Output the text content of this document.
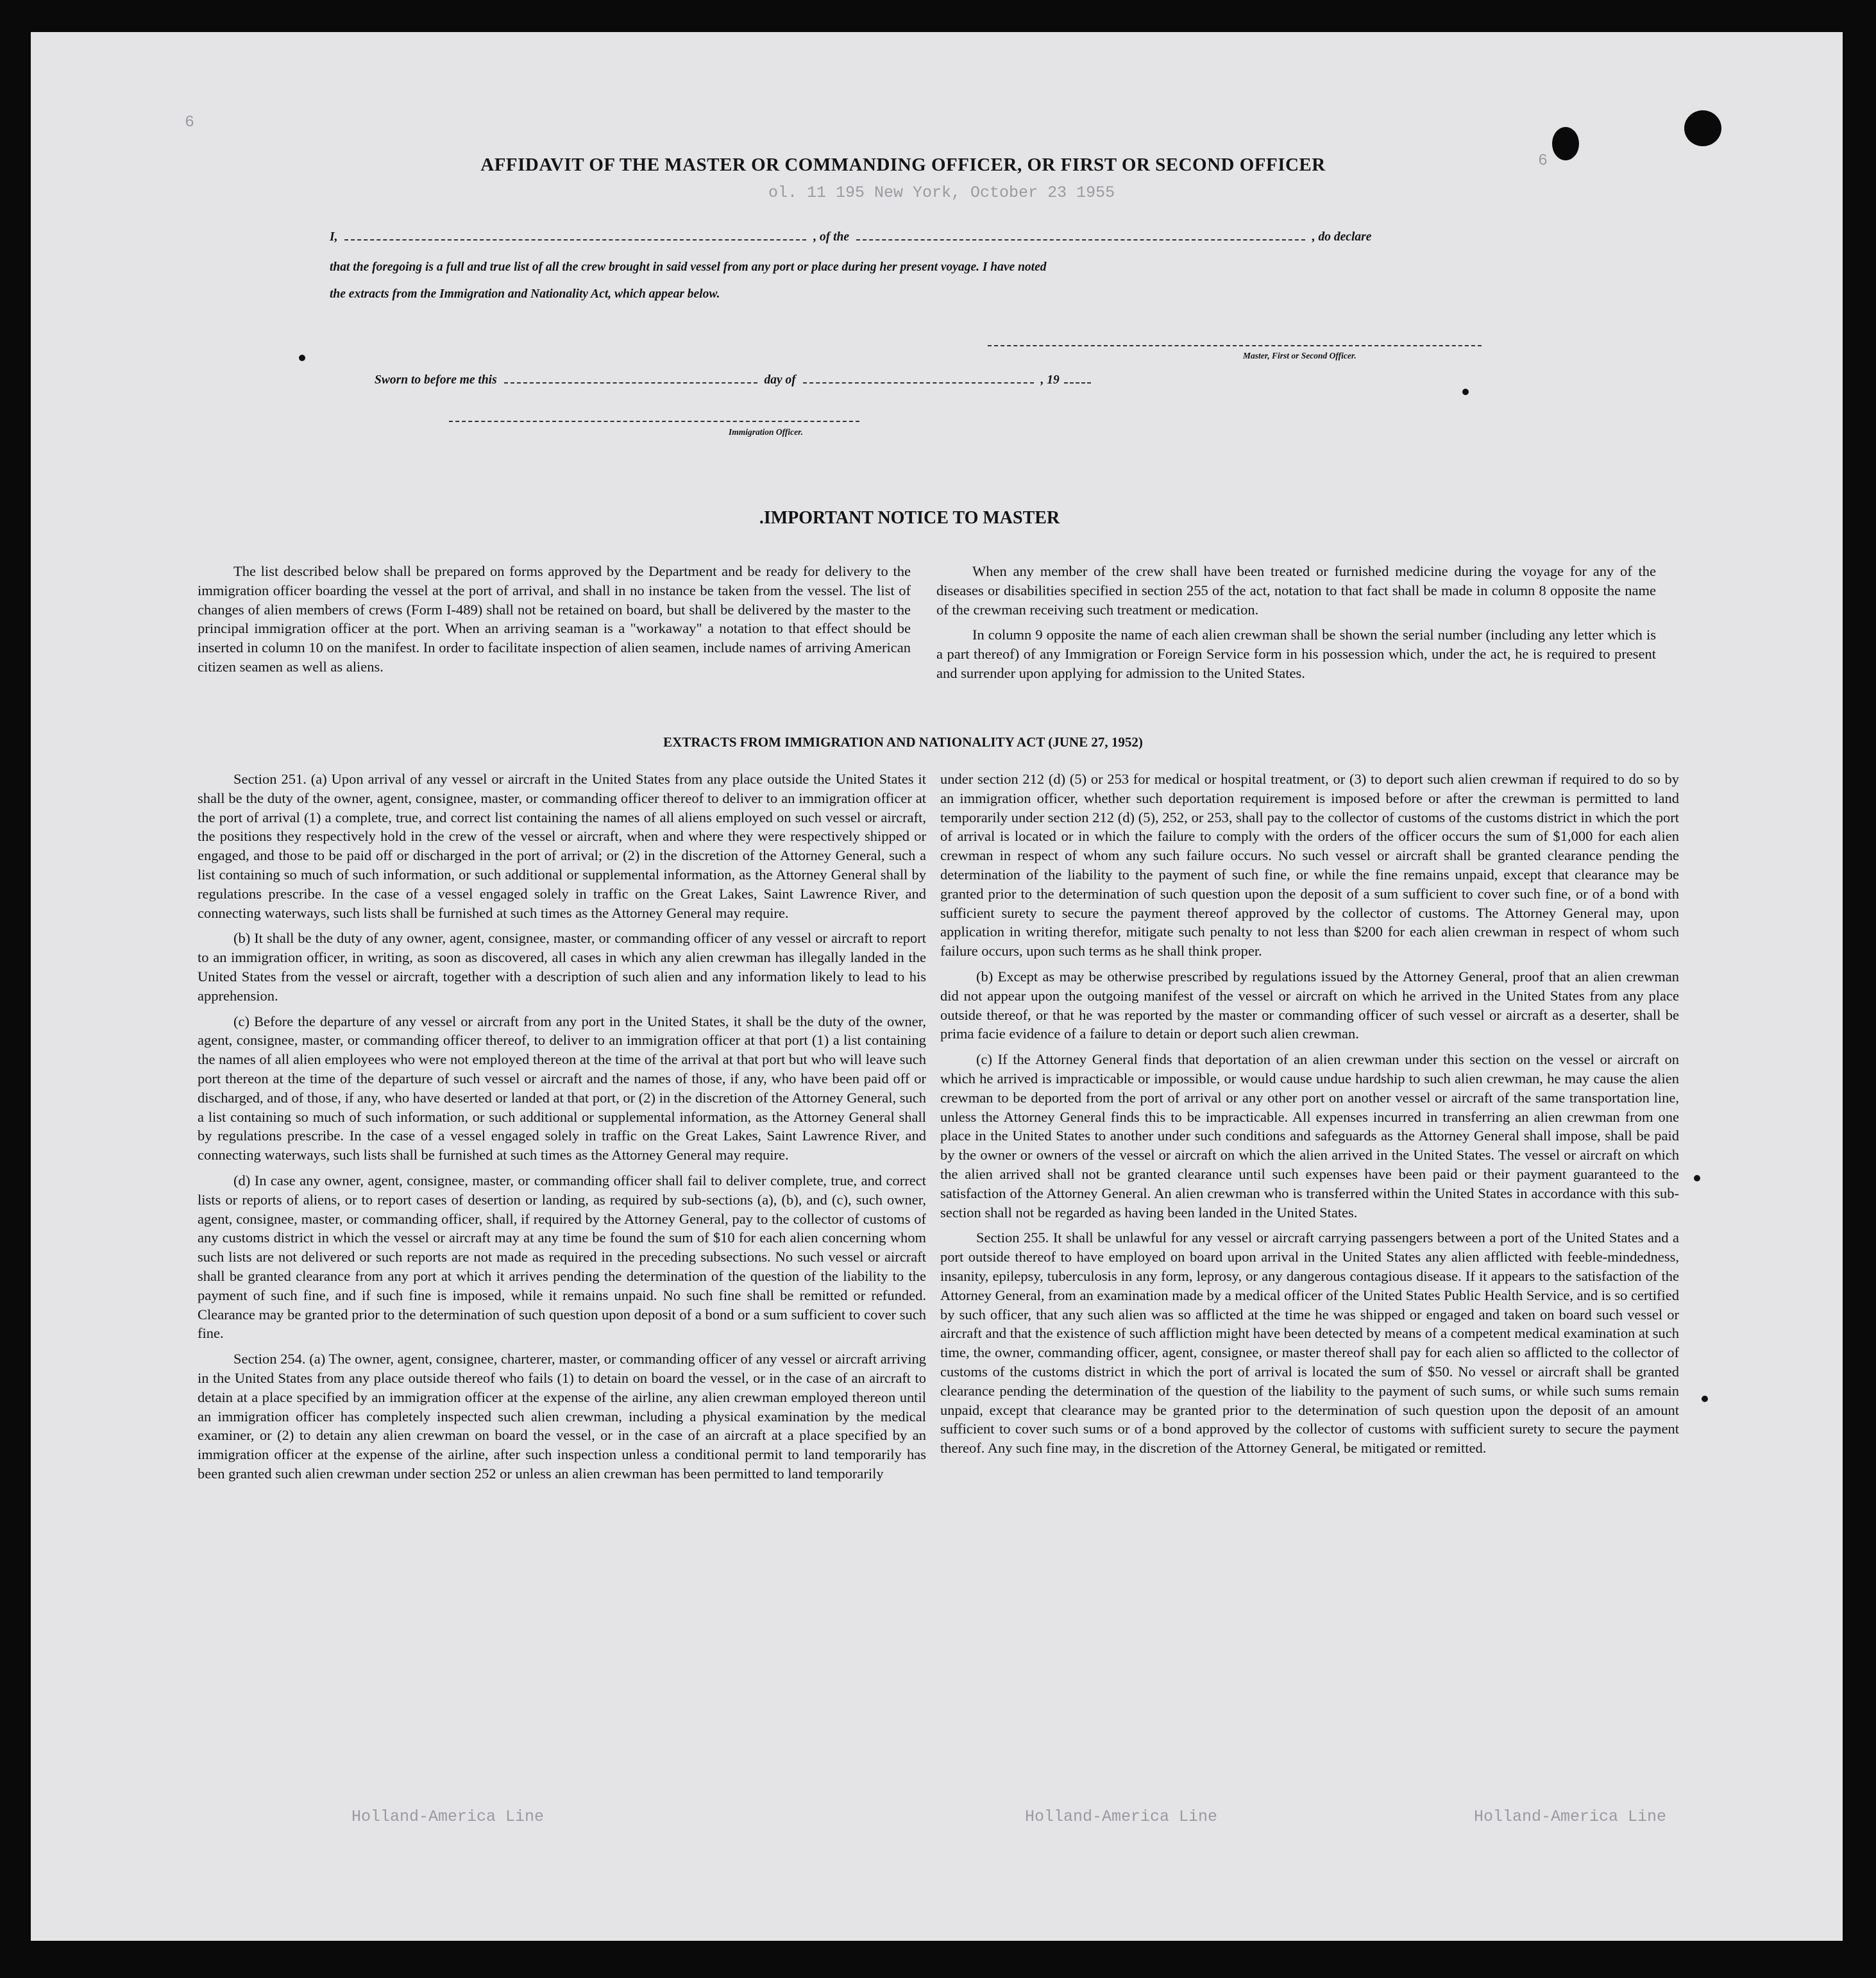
ol. 11 195 New York, October 23 1955
6
6
Holland-America Line	Holland-America Line	Holland-America Line
AFFIDAVIT OF THE MASTER OR COMMANDING OFFICER, OR FIRST OR SECOND OFFICER
I,	, of the	, do declare
that the foregoing is a full and true list of all the crew brought in said vessel from any port or place during her present voyage. I have noted
the extracts from the Immigration and Nationality Act, which appear below.
Master, First or Second Officer.
Sworn to before me this	day of	, 19
Immigration Officer.
.IMPORTANT NOTICE TO MASTER

The list described below shall be prepared on forms approved by the Department and be ready for delivery to the immigration officer boarding the vessel at the port of arrival, and shall in no instance be taken from the vessel. The list of changes of alien members of crews (Form I-489) shall not be retained on board, but shall be delivered by the master to the principal immigration officer at the port. When an arriving seaman is a "workaway" a notation to that effect should be inserted in column 10 on the manifest. In order to facilitate inspection of alien seamen, include names of arriving American citizen seamen as well as aliens.

When any member of the crew shall have been treated or furnished medicine during the voyage for any of the diseases or disabilities specified in section 255 of the act, notation to that fact shall be made in column 8 opposite the name of the crewman receiving such treatment or medication.

In column 9 opposite the name of each alien crewman shall be shown the serial number (including any letter which is a part thereof) of any Immigration or Foreign Service form in his possession which, under the act, he is required to present and surrender upon applying for admission to the United States.

EXTRACTS FROM IMMIGRATION AND NATIONALITY ACT (JUNE 27, 1952)

Section 251. (a) Upon arrival of any vessel or aircraft in the United States from any place outside the United States it shall be the duty of the owner, agent, consignee, master, or commanding officer thereof to deliver to an immigration officer at the port of arrival (1) a complete, true, and correct list containing the names of all aliens employed on such vessel or aircraft, the positions they respectively hold in the crew of the vessel or aircraft, when and where they were respectively shipped or engaged, and those to be paid off or discharged in the port of arrival; or (2) in the discretion of the Attorney General, such a list containing so much of such information, or such additional or supplemental information, as the Attorney General shall by regulations prescribe. In the case of a vessel engaged solely in traffic on the Great Lakes, Saint Lawrence River, and connecting waterways, such lists shall be furnished at such times as the Attorney General may require.

(b) It shall be the duty of any owner, agent, consignee, master, or commanding officer of any vessel or aircraft to report to an immigration officer, in writing, as soon as discovered, all cases in which any alien crewman has illegally landed in the United States from the vessel or aircraft, together with a description of such alien and any information likely to lead to his apprehension.

(c) Before the departure of any vessel or aircraft from any port in the United States, it shall be the duty of the owner, agent, consignee, master, or commanding officer thereof, to deliver to an immigration officer at that port (1) a list containing the names of all alien employees who were not employed thereon at the time of the arrival at that port but who will leave such port thereon at the time of the departure of such vessel or aircraft and the names of those, if any, who have been paid off or discharged, and of those, if any, who have deserted or landed at that port, or (2) in the discretion of the Attorney General, such a list containing so much of such information, or such additional or supplemental information, as the Attorney General shall by regulations prescribe. In the case of a vessel engaged solely in traffic on the Great Lakes, Saint Lawrence River, and connecting waterways, such lists shall be furnished at such times as the Attorney General may require.

(d) In case any owner, agent, consignee, master, or commanding officer shall fail to deliver complete, true, and correct lists or reports of aliens, or to report cases of desertion or landing, as required by sub-sections (a), (b), and (c), such owner, agent, consignee, master, or commanding officer, shall, if required by the Attorney General, pay to the collector of customs of any customs district in which the vessel or aircraft may at any time be found the sum of $10 for each alien concerning whom such lists are not delivered or such reports are not made as required in the preceding subsections. No such vessel or aircraft shall be granted clearance from any port at which it arrives pending the determination of the question of the liability to the payment of such fine, and if such fine is imposed, while it remains unpaid. No such fine shall be remitted or refunded. Clearance may be granted prior to the determination of such question upon deposit of a bond or a sum sufficient to cover such fine.

Section 254. (a) The owner, agent, consignee, charterer, master, or commanding officer of any vessel or aircraft arriving in the United States from any place outside thereof who fails (1) to detain on board the vessel, or in the case of an aircraft to detain at a place specified by an immigration officer at the expense of the airline, any alien crewman employed thereon until an immigration officer has completely inspected such alien crewman, including a physical examination by the medical examiner, or (2) to detain any alien crewman on board the vessel, or in the case of an aircraft at a place specified by an immigration officer at the expense of the airline, after such inspection unless a conditional permit to land temporarily has been granted such alien crewman under section 252 or unless an alien crewman has been permitted to land temporarily

under section 212 (d) (5) or 253 for medical or hospital treatment, or (3) to deport such alien crewman if required to do so by an immigration officer, whether such deportation requirement is imposed before or after the crewman is permitted to land temporarily under section 212 (d) (5), 252, or 253, shall pay to the collector of customs of the customs district in which the port of arrival is located or in which the failure to comply with the orders of the officer occurs the sum of $1,000 for each alien crewman in respect of whom any such failure occurs. No such vessel or aircraft shall be granted clearance pending the determination of the liability to the payment of such fine, or while the fine remains unpaid, except that clearance may be granted prior to the determination of such question upon the deposit of a sum sufficient to cover such fine, or of a bond with sufficient surety to secure the payment thereof approved by the collector of customs. The Attorney General may, upon application in writing therefor, mitigate such penalty to not less than $200 for each alien crewman in respect of whom such failure occurs, upon such terms as he shall think proper.

(b) Except as may be otherwise prescribed by regulations issued by the Attorney General, proof that an alien crewman did not appear upon the outgoing manifest of the vessel or aircraft on which he arrived in the United States from any place outside thereof, or that he was reported by the master or commanding officer of such vessel or aircraft as a deserter, shall be prima facie evidence of a failure to detain or deport such alien crewman.

(c) If the Attorney General finds that deportation of an alien crewman under this section on the vessel or aircraft on which he arrived is impracticable or impossible, or would cause undue hardship to such alien crewman, he may cause the alien crewman to be deported from the port of arrival or any other port on another vessel or aircraft of the same transportation line, unless the Attorney General finds this to be impracticable. All expenses incurred in transferring an alien crewman from one place in the United States to another under such conditions and safeguards as the Attorney General shall impose, shall be paid by the owner or owners of the vessel or aircraft on which the alien arrived in the United States. The vessel or aircraft on which the alien arrived shall not be granted clearance until such expenses have been paid or their payment guaranteed to the satisfaction of the Attorney General. An alien crewman who is transferred within the United States in accordance with this sub-section shall not be regarded as having been landed in the United States.

Section 255. It shall be unlawful for any vessel or aircraft carrying passengers between a port of the United States and a port outside thereof to have employed on board upon arrival in the United States any alien afflicted with feeble-mindedness, insanity, epilepsy, tuberculosis in any form, leprosy, or any dangerous contagious disease. If it appears to the satisfaction of the Attorney General, from an examination made by a medical officer of the United States Public Health Service, and is so certified by such officer, that any such alien was so afflicted at the time he was shipped or engaged and taken on board such vessel or aircraft and that the existence of such affliction might have been detected by means of a competent medical examination at such time, the owner, commanding officer, agent, consignee, or master thereof shall pay for each alien so afflicted to the collector of customs of the customs district in which the port of arrival is located the sum of $50. No vessel or aircraft shall be granted clearance pending the determination of the question of the liability to the payment of such sums, or while such sums remain unpaid, except that clearance may be granted prior to the determination of such question upon the deposit of an amount sufficient to cover such sums or of a bond approved by the collector of customs with sufficient surety to secure the payment thereof. Any such fine may, in the discretion of the Attorney General, be mitigated or remitted.
